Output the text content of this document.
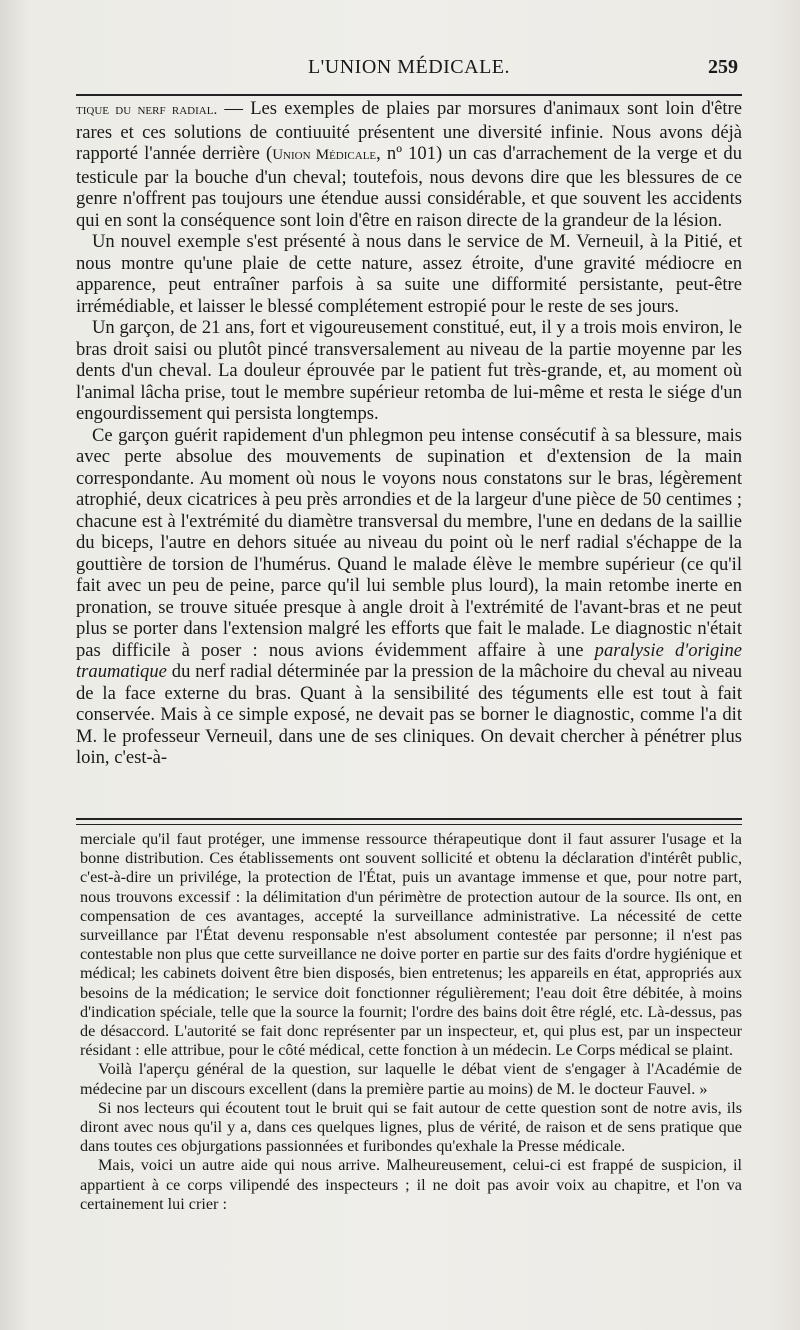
L'UNION MÉDICALE.	259

tique du nerf radial. — Les exemples de plaies par morsures d'animaux sont loin d'être rares et ces solutions de contiuuité présentent une diversité infinie. Nous avons déjà rapporté l'année derrière (Union Médicale, nº 101) un cas d'arrachement de la verge et du testicule par la bouche d'un cheval; toutefois, nous devons dire que les blessures de ce genre n'offrent pas toujours une étendue aussi considérable, et que souvent les accidents qui en sont la conséquence sont loin d'être en raison directe de la grandeur de la lésion.

Un nouvel exemple s'est présenté à nous dans le service de M. Verneuil, à la Pitié, et nous montre qu'une plaie de cette nature, assez étroite, d'une gravité médiocre en apparence, peut entraîner parfois à sa suite une difformité persistante, peut-être irrémédiable, et laisser le blessé complétement estropié pour le reste de ses jours.

Un garçon, de 21 ans, fort et vigoureusement constitué, eut, il y a trois mois environ, le bras droit saisi ou plutôt pincé transversalement au niveau de la partie moyenne par les dents d'un cheval. La douleur éprouvée par le patient fut très-grande, et, au moment où l'animal lâcha prise, tout le membre supérieur retomba de lui-même et resta le siége d'un engourdissement qui persista longtemps.

Ce garçon guérit rapidement d'un phlegmon peu intense consécutif à sa blessure, mais avec perte absolue des mouvements de supination et d'extension de la main correspondante. Au moment où nous le voyons nous constatons sur le bras, légèrement atrophié, deux cicatrices à peu près arrondies et de la largeur d'une pièce de 50 centimes ; chacune est à l'extrémité du diamètre transversal du membre, l'une en dedans de la saillie du biceps, l'autre en dehors située au niveau du point où le nerf radial s'échappe de la gouttière de torsion de l'humérus. Quand le malade élève le membre supérieur (ce qu'il fait avec un peu de peine, parce qu'il lui semble plus lourd), la main retombe inerte en pronation, se trouve située presque à angle droit à l'extrémité de l'avant-bras et ne peut plus se porter dans l'extension malgré les efforts que fait le malade. Le diagnostic n'était pas difficile à poser : nous avions évidemment affaire à une paralysie d'origine traumatique du nerf radial déterminée par la pression de la mâchoire du cheval au niveau de la face externe du bras. Quant à la sensibilité des téguments elle est tout à fait conservée. Mais à ce simple exposé, ne devait pas se borner le diagnostic, comme l'a dit M. le professeur Verneuil, dans une de ses cliniques. On devait chercher à pénétrer plus loin, c'est-à-

merciale qu'il faut protéger, une immense ressource thérapeutique dont il faut assurer l'usage et la bonne distribution. Ces établissements ont souvent sollicité et obtenu la déclaration d'intérêt public, c'est-à-dire un privilége, la protection de l'État, puis un avantage immense et que, pour notre part, nous trouvons excessif : la délimitation d'un périmètre de protection autour de la source. Ils ont, en compensation de ces avantages, accepté la surveillance administrative. La nécessité de cette surveillance par l'État devenu responsable n'est absolument contestée par personne; il n'est pas contestable non plus que cette surveillance ne doive porter en partie sur des faits d'ordre hygiénique et médical; les cabinets doivent être bien disposés, bien entretenus; les appareils en état, appropriés aux besoins de la médication; le service doit fonctionner régulièrement; l'eau doit être débitée, à moins d'indication spéciale, telle que la source la fournit; l'ordre des bains doit être réglé, etc. Là-dessus, pas de désaccord. L'autorité se fait donc représenter par un inspecteur, et, qui plus est, par un inspecteur résidant : elle attribue, pour le côté médical, cette fonction à un médecin. Le Corps médical se plaint.

Voilà l'aperçu général de la question, sur laquelle le débat vient de s'engager à l'Académie de médecine par un discours excellent (dans la première partie au moins) de M. le docteur Fauvel. »

Si nos lecteurs qui écoutent tout le bruit qui se fait autour de cette question sont de notre avis, ils diront avec nous qu'il y a, dans ces quelques lignes, plus de vérité, de raison et de sens pratique que dans toutes ces objurgations passionnées et furibondes qu'exhale la Presse médicale.

Mais, voici un autre aide qui nous arrive. Malheureusement, celui-ci est frappé de suspicion, il appartient à ce corps vilipendé des inspecteurs ; il ne doit pas avoir voix au chapitre, et l'on va certainement lui crier :
